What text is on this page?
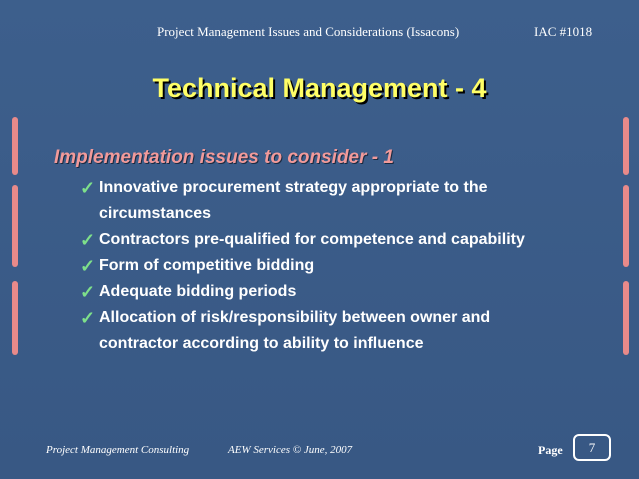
Project Management Issues and Considerations (Issacons)	IAC #1018
Technical Management - 4
Implementation issues to consider - 1
✓ Innovative procurement strategy appropriate to the
circumstances
✓ Contractors pre-qualified for competence and capability
✓ Form of competitive bidding
✓ Adequate bidding periods
✓ Allocation of risk/responsibility between owner and
contractor according to ability to influence
Project Management Consulting	AEW Services © June, 2007	Page	7
